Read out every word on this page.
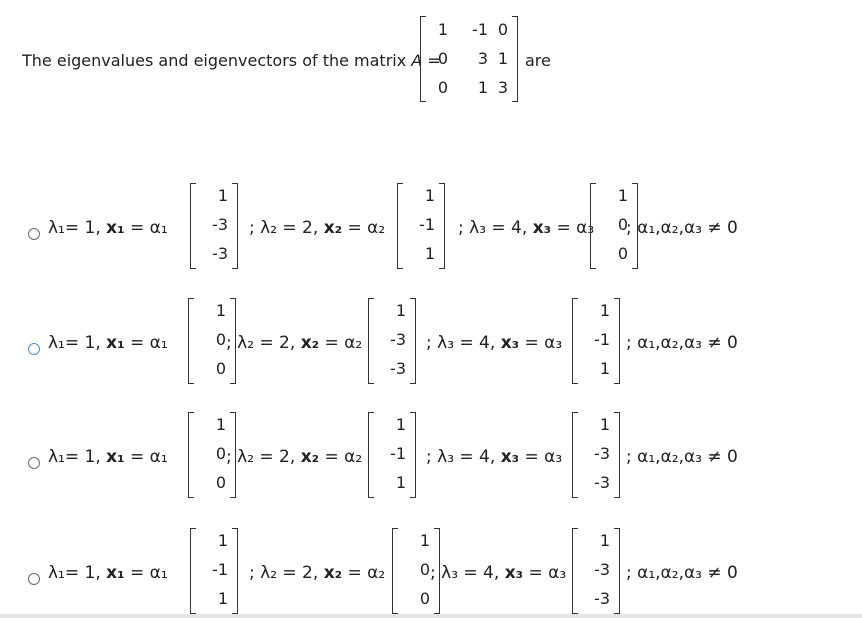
The eigenvalues and eigenvectors of the matrix A =
1	-1 0
0	3 1
0	1 3
are
λ₁= 1, x₁ = α₁
1
-3
-3
; λ₂ = 2, x₂ = α₂
1
-1
1
; λ₃ = 4, x₃ = α₃
1
0
0
; α₁,α₂,α₃ ≠ 0
λ₁= 1, x₁ = α₁
1
0
0
; λ₂ = 2, x₂ = α₂
1
-3
-3
; λ₃ = 4, x₃ = α₃
1
-1
1
; α₁,α₂,α₃ ≠ 0
λ₁= 1, x₁ = α₁
1
0
0
; λ₂ = 2, x₂ = α₂
1
-1
1
; λ₃ = 4, x₃ = α₃
1
-3
-3
; α₁,α₂,α₃ ≠ 0
λ₁= 1, x₁ = α₁
1
-1
1
; λ₂ = 2, x₂ = α₂
1
0
0
; λ₃ = 4, x₃ = α₃
1
-3
-3
; α₁,α₂,α₃ ≠ 0
